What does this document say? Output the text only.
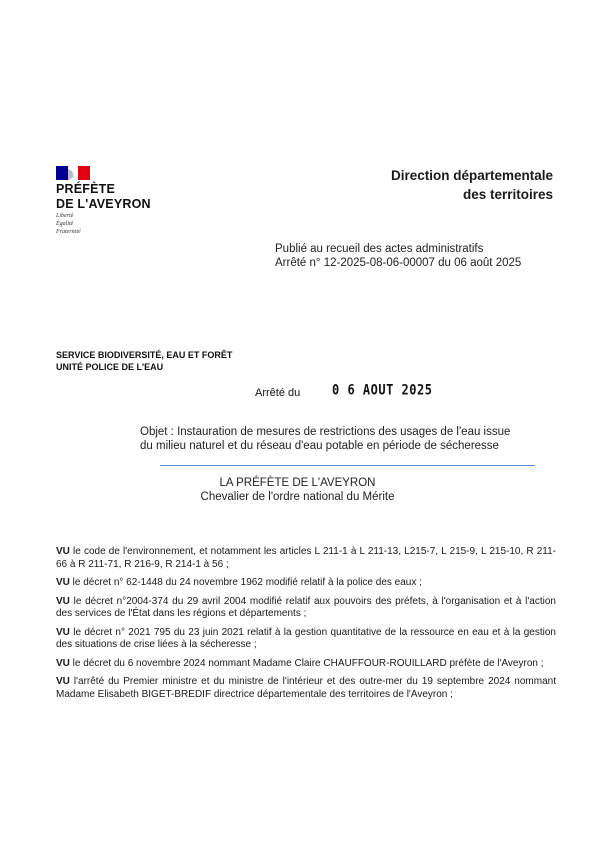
PRÉFÈTE
DE L'AVEYRON
Liberté
Égalité
Fraternité
Direction départementale
des territoires
Publié au recueil des actes administratifs
Arrêté n° 12-2025-08-06-00007 du 06 août 2025
SERVICE BIODIVERSITÉ, EAU ET FORÊT
UNITÉ POLICE DE L'EAU
Arrêté du	0 6 AOUT 2025
Objet : Instauration de mesures de restrictions des usages de l'eau issue
du milieu naturel et du réseau d'eau potable en période de sécheresse
LA PRÉFÈTE DE L'AVEYRON
Chevalier de l'ordre national du Mérite

VU le code de l'environnement, et notamment les articles L 211-1 à L 211-13, L215-7, L 215-9, L 215-10, R 211-66 à R 211-71, R 216-9, R 214-1 à 56 ;

VU le décret n° 62-1448 du 24 novembre 1962 modifié relatif à la police des eaux ;

VU le décret n°2004-374 du 29 avril 2004 modifié relatif aux pouvoirs des préfets, à l'organisation et à l'action des services de l'État dans les régions et départements ;

VU le décret n° 2021 795 du 23 juin 2021 relatif à la gestion quantitative de la ressource en eau et à la gestion des situations de crise liées à la sécheresse ;

VU le décret du 6 novembre 2024 nommant Madame Claire CHAUFFOUR-ROUILLARD préfète de l'Aveyron ;

VU l'arrêté du Premier ministre et du ministre de l'intérieur et des outre-mer du 19 septembre 2024 nommant Madame Elisabeth BIGET-BREDIF directrice départementale des territoires de l'Aveyron ;
